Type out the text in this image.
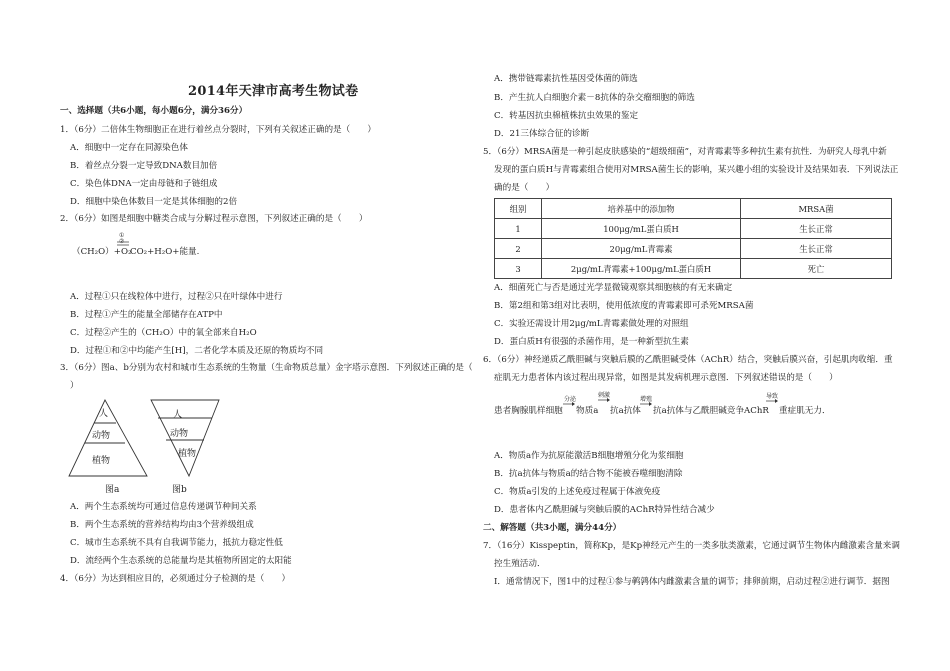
2014年天津市高考生物试卷
一、选择题（共6小题，每小题6分，满分36分）
1．（6分）二倍体生物细胞正在进行着丝点分裂时，下列有关叙述正确的是（　　）
A．细胞中一定存在同源染色体
B．着丝点分裂一定导致DNA数目加倍
C．染色体DNA一定由母链和子链组成
D．细胞中染色体数目一定是其体细胞的2倍
2．（6分）如图是细胞中糖类合成与分解过程示意图，下列叙述正确的是（　　）
①
②
（CH₂O）+O₂
CO₂+H₂O+能量.
A．过程①只在线粒体中进行，过程②只在叶绿体中进行
B．过程①产生的能量全部储存在ATP中
C．过程②产生的（CH₂O）中的氧全部来自H₂O
D．过程①和②中均能产生[H]，二者化学本质及还原的物质均不同
3．（6分）图a、b分别为农村和城市生态系统的生物量（生命物质总量）金字塔示意图．下列叙述正确的是（
）
人
动物
植物
人
动物
植物
图a	图b
A．两个生态系统均可通过信息传递调节种间关系
B．两个生态系统的营养结构均由3个营养级组成
C．城市生态系统不具有自我调节能力，抵抗力稳定性低
D．流经两个生态系统的总能量均是其植物所固定的太阳能
4．（6分）为达到相应目的，必须通过分子检测的是（　　）
A．携带链霉素抗性基因受体菌的筛选
B．产生抗人白细胞介素－8抗体的杂交瘤细胞的筛选
C．转基因抗虫棉植株抗虫效果的鉴定
D．21三体综合征的诊断
5．（6分）MRSA菌是一种引起皮肤感染的“超级细菌”，对青霉素等多种抗生素有抗性．为研究人母乳中新
发现的蛋白质H与青霉素组合使用对MRSA菌生长的影响，某兴趣小组的实验设计及结果如表．下列说法正
确的是（　　）
组别	培养基中的添加物	MRSA菌
1	100μg/mL蛋白质H	生长正常
2	20μg/mL青霉素	生长正常
3	2μg/mL青霉素+100μg/mL蛋白质H	死亡
A．细菌死亡与否是通过光学显微镜观察其细胞核的有无来确定
B．第2组和第3组对比表明，使用低浓度的青霉素即可杀死MRSA菌
C．实验还需设计用2μg/mL青霉素做处理的对照组
D．蛋白质H有很强的杀菌作用，是一种新型抗生素
6．（6分）神经递质乙酰胆碱与突触后膜的乙酰胆碱受体（AChR）结合，突触后膜兴奋，引起肌肉收缩．重
症肌无力患者体内该过程出现异常，如图是其发病机理示意图．下列叙述错误的是（　　）
患者胸腺肌样细胞
分泌
物质a
刺激
抗a抗体
增殖
抗a抗体与乙酰胆碱竞争AChR
导致
重症肌无力．
A．物质a作为抗原能激活B细胞增殖分化为浆细胞
B．抗a抗体与物质a的结合物不能被吞噬细胞清除
C．物质a引发的上述免疫过程属于体液免疫
D．患者体内乙酰胆碱与突触后膜的AChR特异性结合减少
二、解答题（共3小题，满分44分）
7．（16分）Kisspeptin，简称Kp，是Kp神经元产生的一类多肽类激素，它通过调节生物体内雌激素含量来调
控生殖活动．
Ⅰ．通常情况下，图1中的过程①参与鹌鹑体内雌激素含量的调节；排卵前期，启动过程②进行调节．据图
